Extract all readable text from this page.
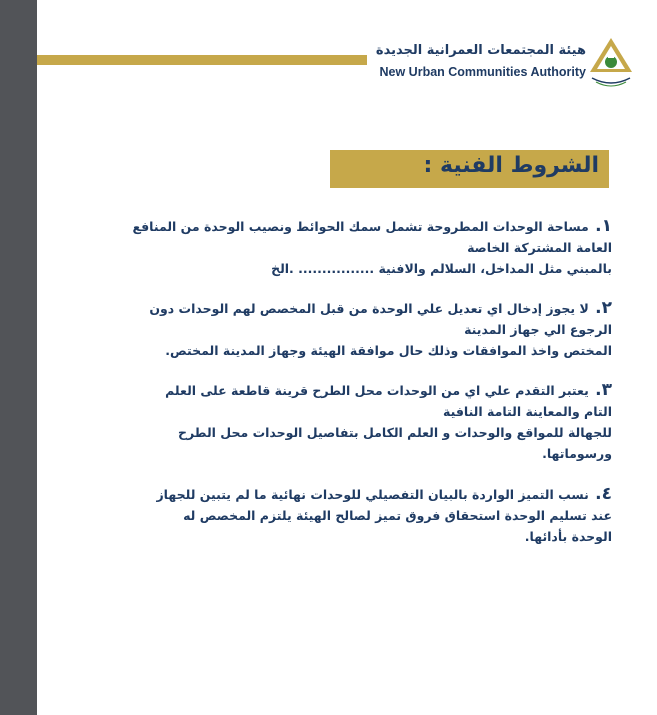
هيئة المجتمعات العمرانية الجديدة
New Urban Communities Authority
الشروط الفنية :
١. مساحة الوحدات المطروحة تشمل سمك الحوائط ونصيب الوحدة من المنافع
العامة المشتركة الخاصة
بالمبني مثل المداخل، السلالم والافنية ................ .الخ
٢. لا يجوز إدخال اي تعديل علي الوحدة من قبل المخصص لهم الوحدات دون
الرجوع الي جهاز المدينة
المختص واخذ الموافقات وذلك حال موافقة الهيئة وجهاز المدينة المختص.
٣. يعتبر التقدم علي اي من الوحدات محل الطرح قرينة قاطعة على العلم
التام والمعاينة التامة النافية
للجهالة للمواقع والوحدات و العلم الكامل بتفاصيل الوحدات محل الطرح
ورسوماتها.
٤. نسب التميز الواردة بالبيان التفصيلي للوحدات نهائية ما لم يتبين للجهاز
عند تسليم الوحدة استحقاق فروق تميز لصالح الهيئة يلتزم المخصص له
الوحدة بأدائها.
